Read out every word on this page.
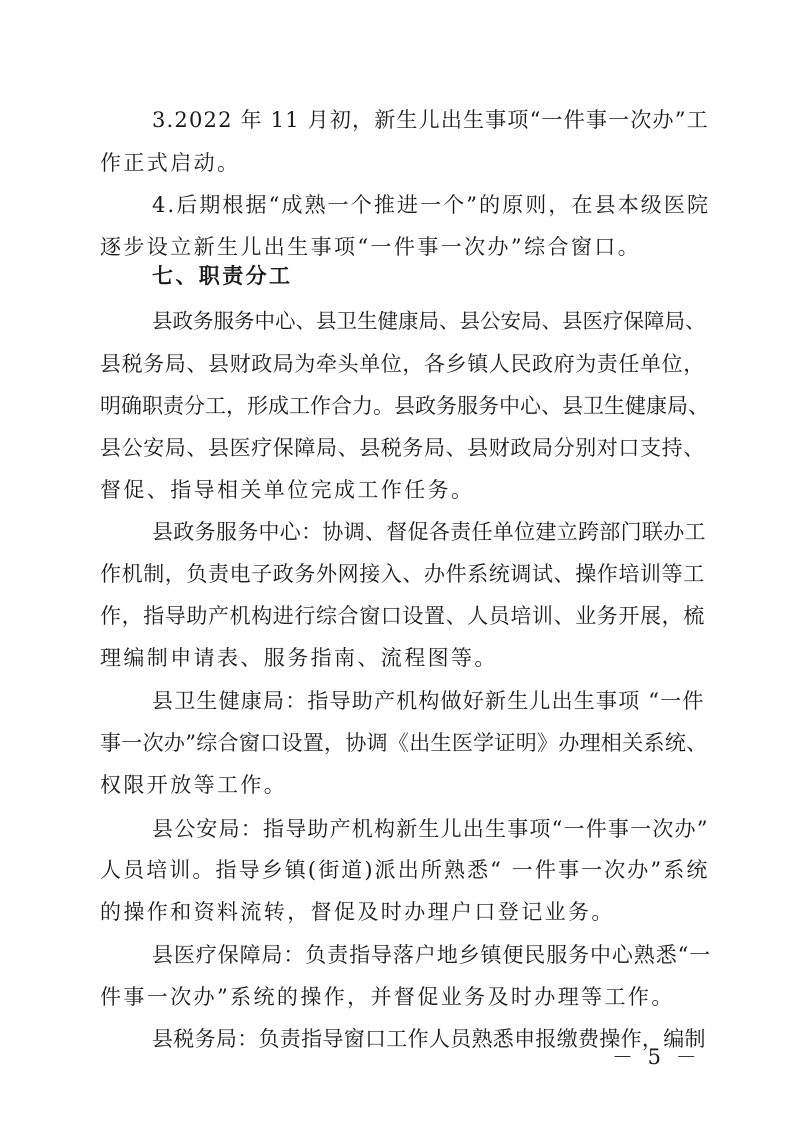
3.2022 年 11 月初，新生儿出生事项“一件事一次办”工
作正式启动。
4.后期根据“成熟一个推进一个”的原则，在县本级医院
逐步设立新生儿出生事项“一件事一次办”综合窗口。
七、职责分工
县政务服务中心、县卫生健康局、县公安局、县医疗保障局、
县税务局、县财政局为牵头单位，各乡镇人民政府为责任单位，
明确职责分工，形成工作合力。县政务服务中心、县卫生健康局、
县公安局、县医疗保障局、县税务局、县财政局分别对口支持、
督促、指导相关单位完成工作任务。
县政务服务中心：协调、督促各责任单位建立跨部门联办工
作机制，负责电子政务外网接入、办件系统调试、操作培训等工
作，指导助产机构进行综合窗口设置、人员培训、业务开展，梳
理编制申请表、服务指南、流程图等。
县卫生健康局：指导助产机构做好新生儿出生事项 “一件
事一次办”综合窗口设置，协调《出生医学证明》办理相关系统、
权限开放等工作。
县公安局：指导助产机构新生儿出生事项“一件事一次办”
人员培训。指导乡镇(街道)派出所熟悉“ 一件事一次办”系统
的操作和资料流转，督促及时办理户口登记业务。
县医疗保障局：负责指导落户地乡镇便民服务中心熟悉“一
件事一次办”系统的操作，并督促业务及时办理等工作。
县税务局：负责指导窗口工作人员熟悉申报缴费操作，编制
－ 5 －
